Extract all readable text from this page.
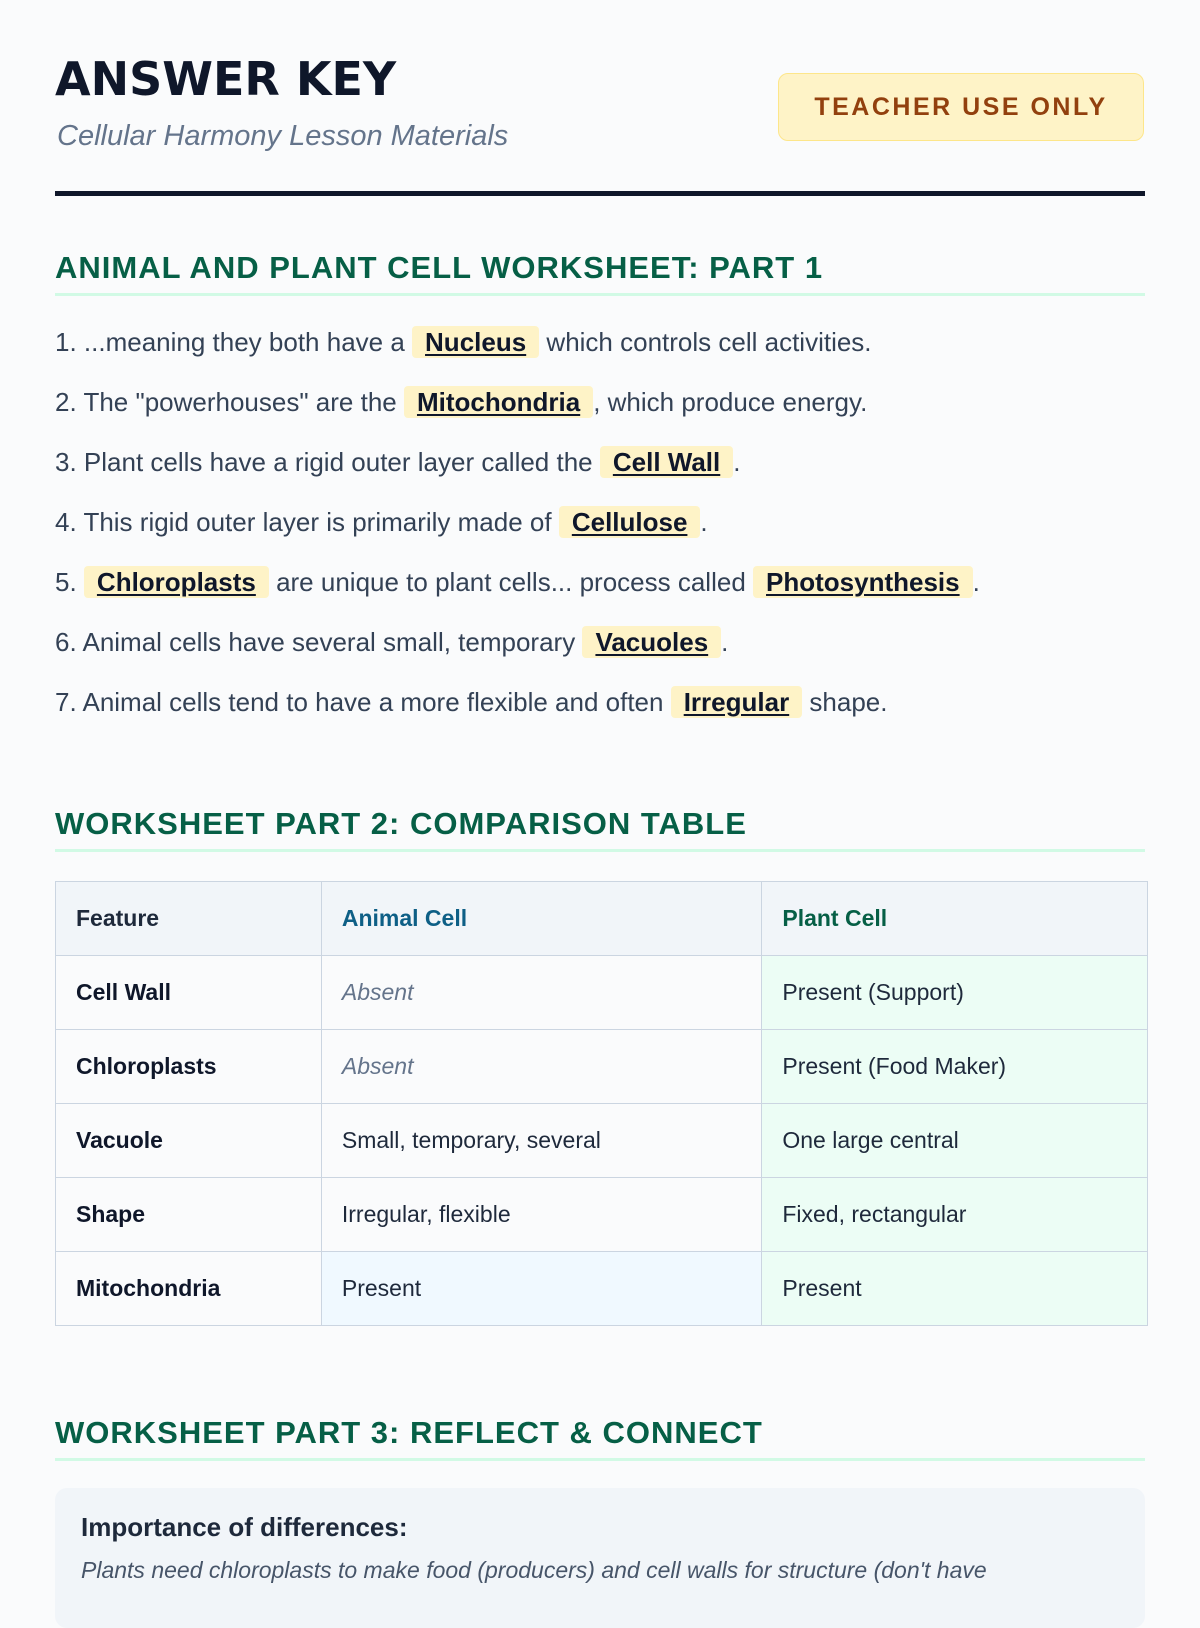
ANSWER KEY
Cellular Harmony Lesson Materials
TEACHER USE ONLY
ANIMAL AND PLANT CELL WORKSHEET: PART 1
1. ...meaning they both have a Nucleus which controls cell activities.
2. The "powerhouses" are the Mitochondria , which produce energy.
3. Plant cells have a rigid outer layer called the Cell Wall .
4. This rigid outer layer is primarily made of Cellulose .
5. Chloroplasts are unique to plant cells... process called Photosynthesis .
6. Animal cells have several small, temporary Vacuoles .
7. Animal cells tend to have a more flexible and often Irregular shape.
WORKSHEET PART 2: COMPARISON TABLE
Feature	Animal Cell	Plant Cell
Cell Wall	Absent	Present (Support)
Chloroplasts	Absent	Present (Food Maker)
Vacuole	Small, temporary, several	One large central
Shape	Irregular, flexible	Fixed, rectangular
Mitochondria	Present	Present
WORKSHEET PART 3: REFLECT & CONNECT
Importance of differences:
Plants need chloroplasts to make food (producers) and cell walls for structure (don't have
